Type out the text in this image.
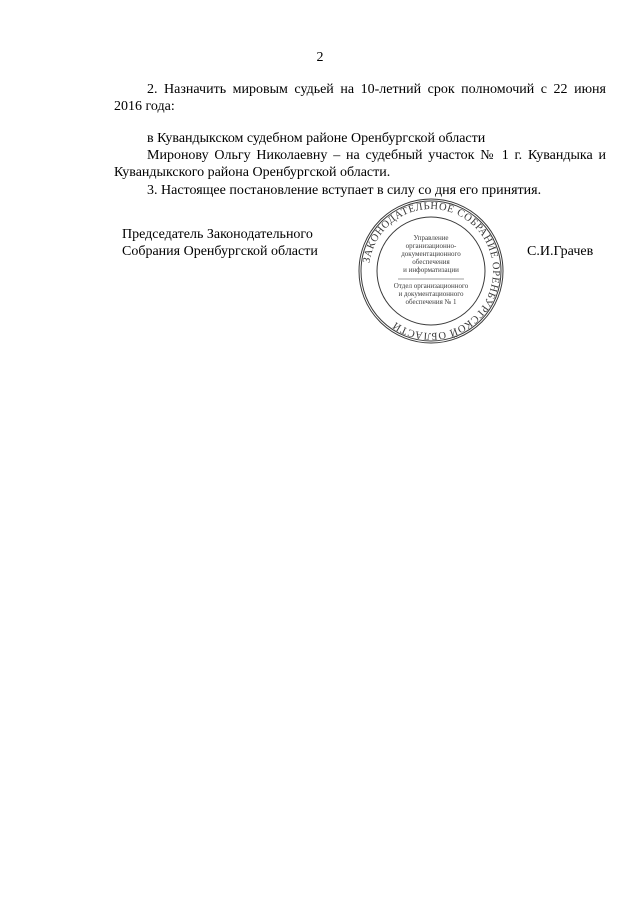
2
2. Назначить мировым судьей на 10-летний срок полномочий с 22 июня
2016 года:
в Кувандыкском судебном районе Оренбургской области
Миронову Ольгу Николаевну – на судебный участок № 1 г. Кувандыка и
Кувандыкского района Оренбургской области.
3. Настоящее постановление вступает в силу со дня его принятия.
Председатель Законодательного
Собрания Оренбургской области	С.И.Грачев
ЗАКОНОДАТЕЛЬНОЕ СОБРАНИЕ ОРЕНБУРГСКОЙ ОБЛАСТИ
Управление
организационно-
документационного
обеспечения
и информатизации
Отдел организационного
и документационного
обеспечения № 1
